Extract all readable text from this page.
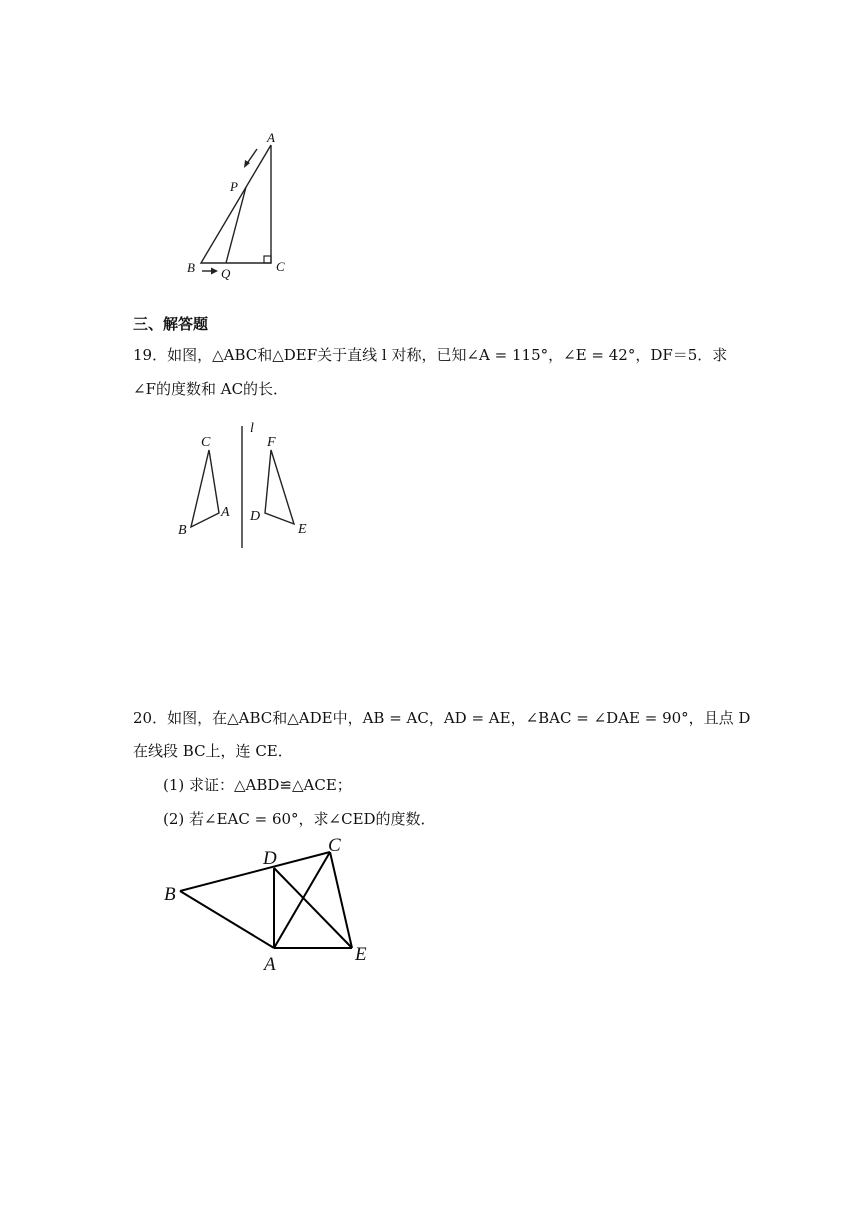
A
P
B Q	C
三、解答题
19．如图，△ABC和△DEF关于直线 l 对称，已知∠A = 115°，∠E = 42°，DF＝5．求
∠F的度数和 AC的长．
C
A
B
l
F
D
E
20．如图，在△ABC和△ADE中，AB = AC，AD = AE，∠BAC = ∠DAE = 90°，且点 D
在线段 BC上，连 CE．
(1) 求证：△ABD≌△ACE；
(2) 若∠EAC = 60°，求∠CED的度数．
D
C
B
A	E
